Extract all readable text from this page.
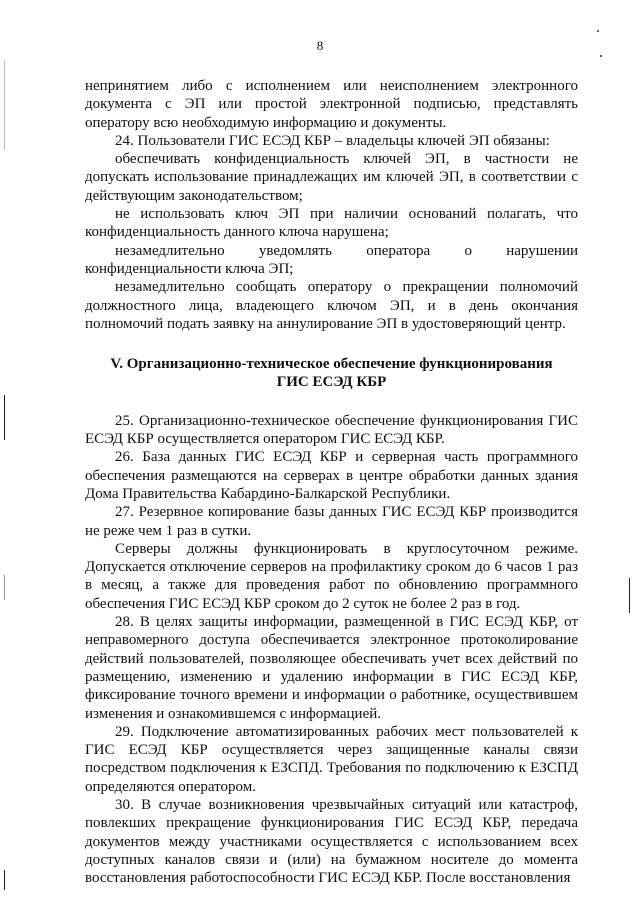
8

непринятием либо с исполнением или неисполнением электронного документа с ЭП или простой электронной подписью, представлять оператору всю необходимую информацию и документы.

24. Пользователи ГИС ЕСЭД КБР – владельцы ключей ЭП обязаны:

обеспечивать конфиденциальность ключей ЭП, в частности не допускать использование принадлежащих им ключей ЭП, в соответствии с действующим законодательством;

не использовать ключ ЭП при наличии оснований полагать, что конфиденциальность данного ключа нарушена;

незамедлительно уведомлять оператора о нарушении конфиденциальности ключа ЭП;

незамедлительно сообщать оператору о прекращении полномочий должностного лица, владеющего ключом ЭП, и в день окончания полномочий подать заявку на аннулирование ЭП в удостоверяющий центр.

V. Организационно-техническое обеспечение функционирования
ГИС ЕСЭД КБР

25. Организационно-техническое обеспечение функционирования ГИС ЕСЭД КБР осуществляется оператором ГИС ЕСЭД КБР.

26. База данных ГИС ЕСЭД КБР и серверная часть программного обеспечения размещаются на серверах в центре обработки данных здания Дома Правительства Кабардино-Балкарской Республики.

27. Резервное копирование базы данных ГИС ЕСЭД КБР производится не реже чем 1 раз в сутки.

Серверы должны функционировать в круглосуточном режиме. Допускается отключение серверов на профилактику сроком до 6 часов 1 раз в месяц, а также для проведения работ по обновлению программного обеспечения ГИС ЕСЭД КБР сроком до 2 суток не более 2 раз в год.

28. В целях защиты информации, размещенной в ГИС ЕСЭД КБР, от неправомерного доступа обеспечивается электронное протоколирование действий пользователей, позволяющее обеспечивать учет всех действий по размещению, изменению и удалению информации в ГИС ЕСЭД КБР, фиксирование точного времени и информации о работнике, осуществившем изменения и ознакомившемся с информацией.

29. Подключение автоматизированных рабочих мест пользователей к ГИС ЕСЭД КБР осуществляется через защищенные каналы связи посредством подключения к ЕЗСПД. Требования по подключению к ЕЗСПД определяются оператором.

30. В случае возникновения чрезвычайных ситуаций или катастроф, повлекших прекращение функционирования ГИС ЕСЭД КБР, передача документов между участниками осуществляется с использованием всех доступных каналов связи и (или) на бумажном носителе до момента восстановления работоспособности ГИС ЕСЭД КБР. После восстановления
